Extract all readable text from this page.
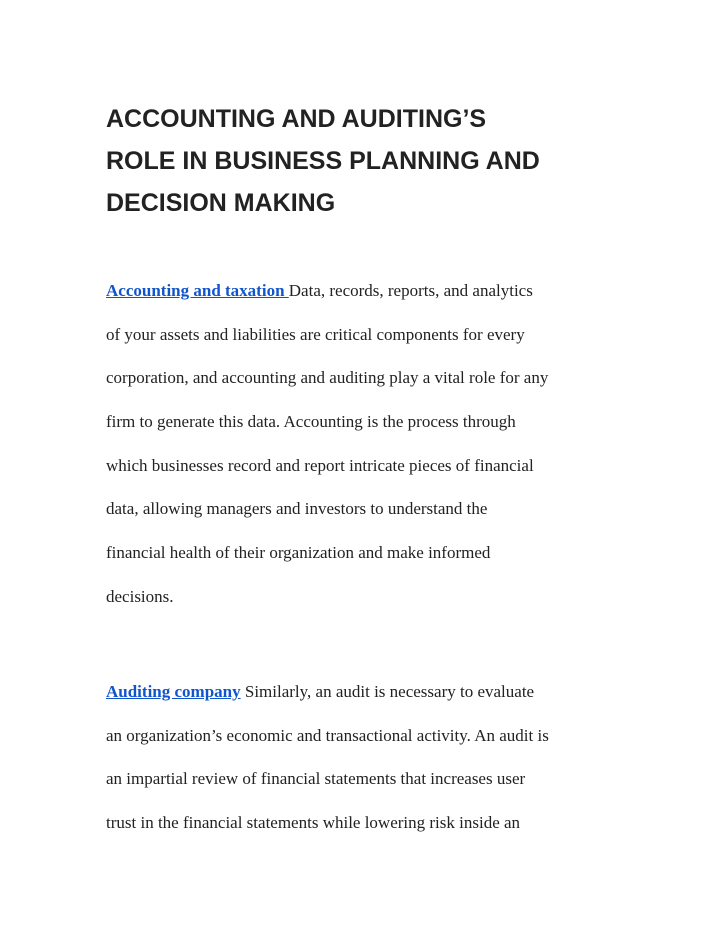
ACCOUNTING AND AUDITING’S
ROLE IN BUSINESS PLANNING AND
DECISION MAKING
Accounting and taxation Data, records, reports, and analytics
of your assets and liabilities are critical components for every
corporation, and accounting and auditing play a vital role for any
firm to generate this data. Accounting is the process through
which businesses record and report intricate pieces of financial
data, allowing managers and investors to understand the
financial health of their organization and make informed
decisions.
Auditing company Similarly, an audit is necessary to evaluate
an organization’s economic and transactional activity. An audit is
an impartial review of financial statements that increases user
trust in the financial statements while lowering risk inside an
